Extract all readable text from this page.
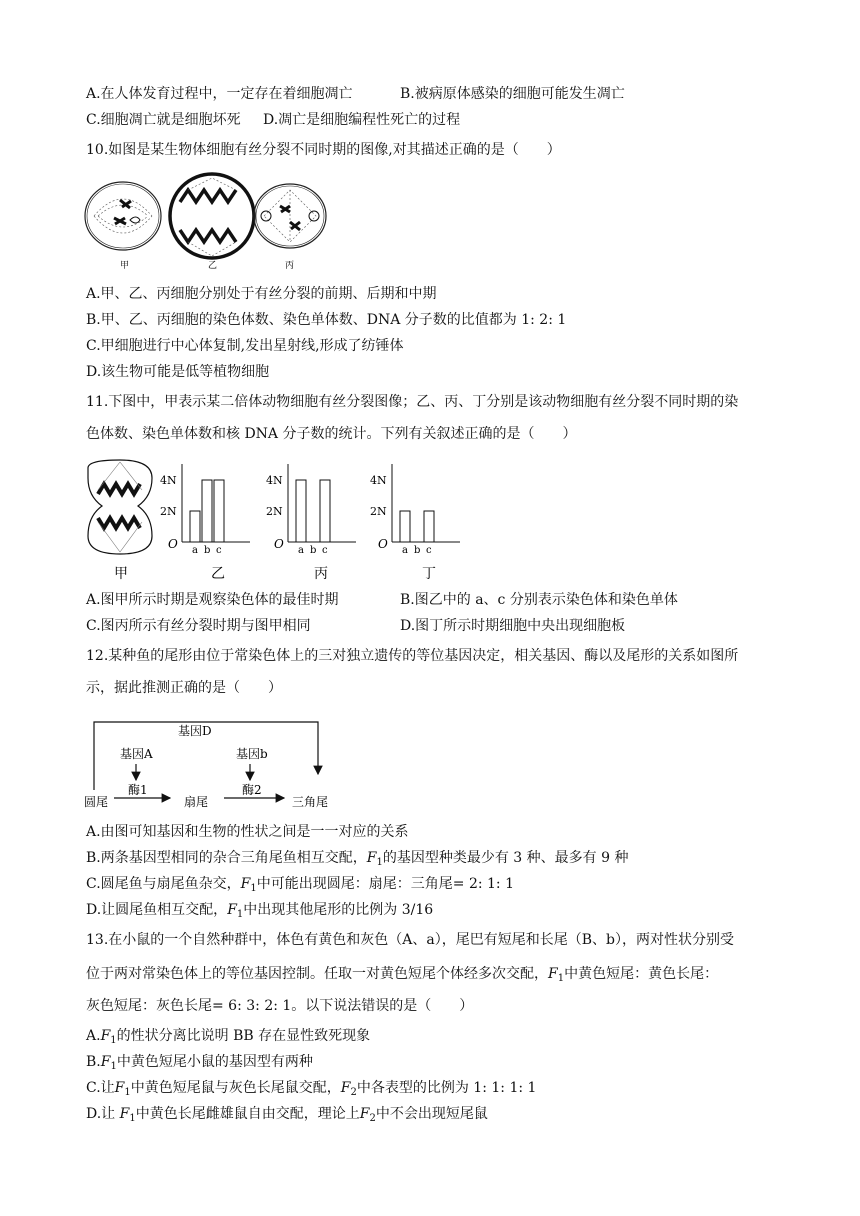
A.在人体发育过程中，一定存在着细胞凋亡	B.被病原体感染的细胞可能发生凋亡
C.细胞凋亡就是细胞坏死 D.凋亡是细胞编程性死亡的过程
10.如图是某生物体细胞有丝分裂不同时期的图像,对其描述正确的是（　　）
甲	乙	丙
A.甲、乙、丙细胞分别处于有丝分裂的前期、后期和中期
B.甲、乙、丙细胞的染色体数、染色单体数、DNA 分子数的比值都为 1: 2: 1
C.甲细胞进行中心体复制,发出星射线,形成了纺锤体
D.该生物可能是低等植物细胞
11.下图中，甲表示某二倍体动物细胞有丝分裂图像；乙、丙、丁分别是该动物细胞有丝分裂不同时期的染
色体数、染色单体数和核 DNA 分子数的统计。下列有关叙述正确的是（　　）
4N
2N
O a b c
4N
2N
O a b c
4N
2N
O a b c
甲	乙	丙	丁
A.图甲所示时期是观察染色体的最佳时期	B.图乙中的 a、c 分别表示染色体和染色单体
C.图丙所示有丝分裂时期与图甲相同	D.图丁所示时期细胞中央出现细胞板
12.某种鱼的尾形由位于常染色体上的三对独立遗传的等位基因决定，相关基因、酶以及尾形的关系如图所
示，据此推测正确的是（　　）
基因D
基因A	基因b
酶1	酶2
圆尾	扇尾	三角尾
A.由图可知基因和生物的性状之间是一一对应的关系
B.两条基因型相同的杂合三角尾鱼相互交配，$F_1$的基因型种类最少有 3 种、最多有 9 种
C.圆尾鱼与扇尾鱼杂交，$F_1$中可能出现圆尾：扇尾：三角尾= 2: 1: 1
D.让圆尾鱼相互交配，$F_1$中出现其他尾形的比例为 3/16
13.在小鼠的一个自然种群中，体色有黄色和灰色（A、a），尾巴有短尾和长尾（B、b），两对性状分别受
位于两对常染色体上的等位基因控制。任取一对黄色短尾个体经多次交配，$F_1$中黄色短尾：黄色长尾：
灰色短尾：灰色长尾= 6: 3: 2: 1。以下说法错误的是（　　）
$A.F_1$的性状分离比说明 BB 存在显性致死现象
$B.F_1$中黄色短尾小鼠的基因型有两种
C.让$F_1$中黄色短尾鼠与灰色长尾鼠交配，$F_2$中各表型的比例为 1: 1: 1: 1
D.让 $F_1$中黄色长尾雌雄鼠自由交配，理论上$F_2$中不会出现短尾鼠
